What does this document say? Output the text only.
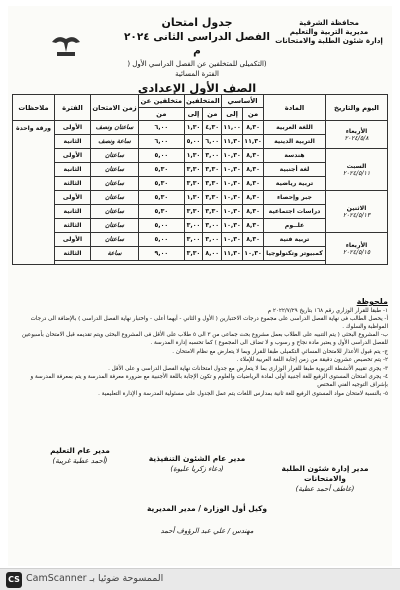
محافظة الشرقية
مديرية التربية والتعليم
إدارة شئون الطلبة والامتحانات
جدول امتحان
الفصل الدراسى الثانى ٢٠٢٤ م
(التكميلى للمتخلفين عن الفصل الدراسي الأول ( الفترة المسائية
الصف الأول الإعدادى
اليوم والتاريخ	المادة	الأساسي		المتخلفين		متخلفين عن	زمن الامتحان	الفترة	ملاحظات
		من	إلى	من	إلى	من			

الأربعاء
٢٠٢٤/٥/٨	اللغة العربية	٨,٣٠	١١,٠٠	٤,٣٠	١,٣٠	٦,٠٠	ساعتان ونصف	الأولى	ورقة واحدة
	التربية الدينية	١١,٣٠	١١,٣٠	٦,٠٠	٥,٠٠	٦,٠٠	ساعة ونصف	الثانية	

السبت
٢٠٢٤/٥/١١	هندسة	٨,٣٠	١٠,٣٠	٣,٠٠	١,٣٠	٥,٠٠	ساعتان	الأولى	
	لغة أجنبية	٨,٣٠	١٠,٣٠	٣,٣٠	٣,٣٠	٥,٣٠	ساعتان	الثانية	
	تربية رياضية	٨,٣٠	١٠,٣٠	٣,٣٠	٣,٣٠	٥,٣٠	ساعتان	الثالثة	

الاثنين
٢٠٢٤/٥/١٣	جبر وإحصاء	٨,٣٠	١٠,٣٠	٣,٣٠	١,٣٠	٥,٣٠	ساعتان	الأولى	
	دراسات اجتماعية	٨,٣٠	١٠,٣٠	٣,٣٠	٣,٣٠	٥,٣٠	ساعتان	الثانية	
	علــوم	٨,٣٠	١٠,٣٠	٣,٠٠	٣,٠٠	٥,٠٠	ساعتان	الثالثة	

الأربعاء
٢٠٢٤/٥/١٥	تربية فنية	٨,٣٠	١٠,٣٠	٣,٠٠	٣,٠٠	٥,٠٠	ساعتان	الأولى	
	كمبيوتر وتكنولوجيا	١٠,٣٠	١١,٣٠	٨,٠٠	٣,٣٠	٩,٠٠	ساعة	الثالثة	

ملحوظة

١- طبقا للقرار الوزاري رقم ١٦٨ بتاريخ ٢٠٢٢/٧/٢٩ م

أ- يحصل الطالب فى نهاية الفصل الدراسى على مجموع درجات الاختبارين ( الأول و الثاني - أيهما أعلى - واختبار نهاية الفصل الدراسى ) بالإضافة الى درجات المواظبة والسلوك .

ب- المشروع البحثى ( يتم التنبيه على الطلاب بعمل مشروع بحث جماعى من ٣ الى ٥ طلاب على الأقل فى المشروع البحثى ويتم تقديمه قبل الامتحان بأسبوعين للفصل الدراسى الأول و يعتبر مادة نجاح و رسوب و لا تضاف الى المجموع ) كما تحسبه إدارة المدرسة .

ج- يتم قبول الأعذار للامتحان المسائي التكميلى طبقا للقرار وبما لا يتعارض مع نظام الامتحان .

٢- يتم تخصيص عشرون دقيقة من زمن إجابة اللغة العربية للإملاء .

٣- يجرى تقييم الأنشطة التربوية طبقا للقرار الوزارى بما لا يتعارض مع جدول امتحانات نهاية الفصل الدراسى و على الأقل .

٤- يجرى امتحان المستوى الرفيع للغة أجنبية أولى لمادة الرياضيات والعلوم و تكون الإجابة باللغة الأجنبية مع ضرورة معرفة المدرسة و يتم بمعرفة المدرسة و بإشراف التوجيه الفني المختص

٥- بالنسبة لامتحان مواد المستوى الرفيع للغة ثانية بمدارس اللغات يتم عمل الجدول على مسئولية المدرسة و الإدارة التعليمية .

مدير إدارة شئون الطلبة والامتحانات
(عاطف أحمد عطية)
مدير عام الشئون التنفيذية
(دعاء زكريا عليوة)
مدير عام التعليم
(أحمد عطية غريبة)
وكيل أول الوزارة / مدير المديرية
مهندس / علي عبد الرؤوف أحمد
CS الممسوحة ضوئيا بـ CamScanner
